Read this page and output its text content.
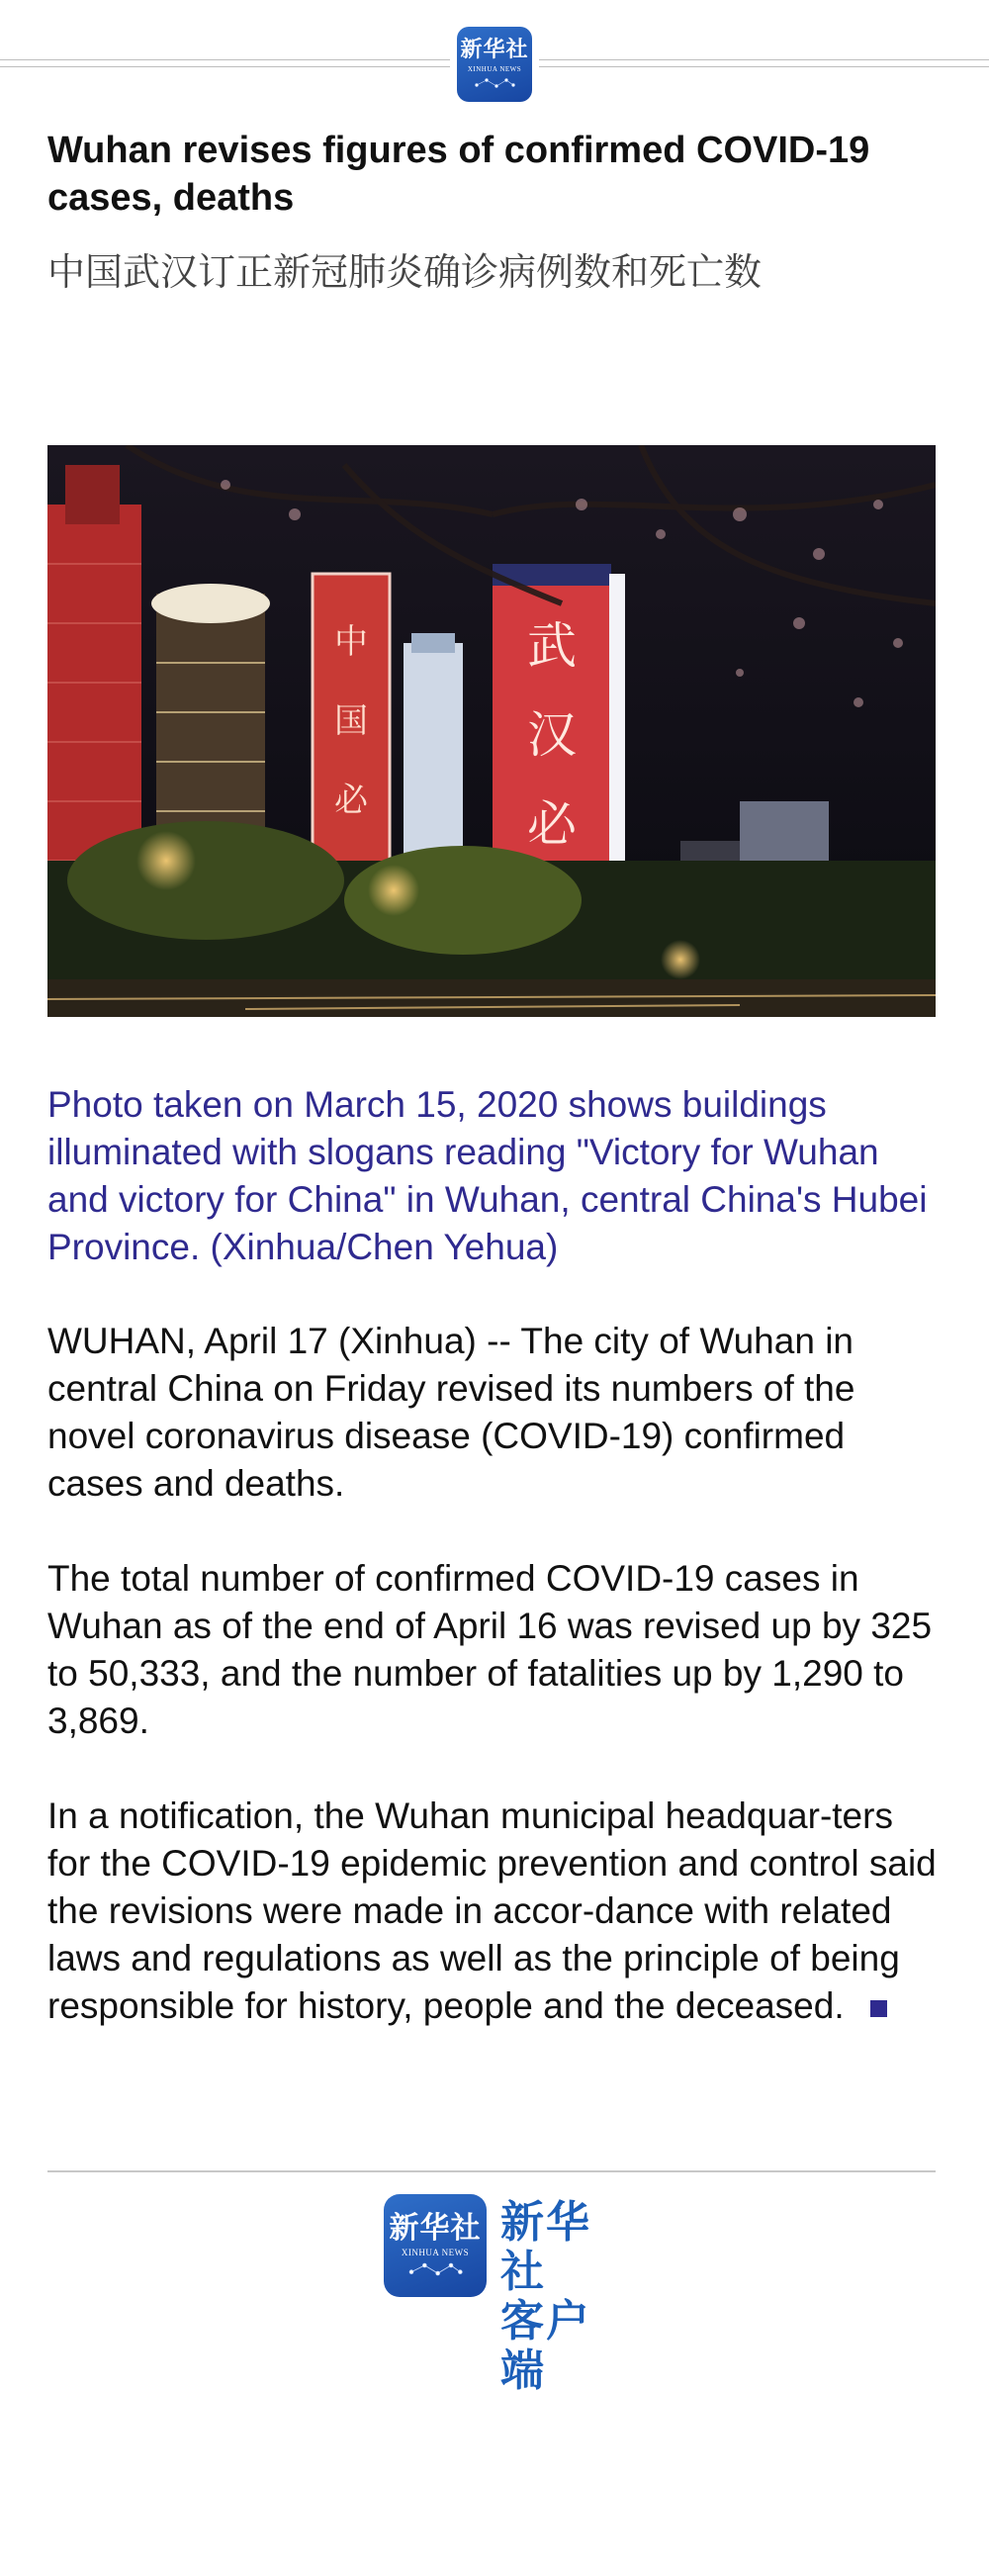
新华社
XINHUA NEWS
Wuhan revises figures of confirmed COVID-19 cases, deaths

中国武汉订正新冠肺炎确诊病例数和死亡数

中
国
必
武
汉
必

Photo taken on March 15, 2020 shows buildings illuminated with slogans reading "Victory for Wuhan and victory for China" in Wuhan, central China's Hubei Province. (Xinhua/Chen Yehua)

WUHAN, April 17 (Xinhua) -- The city of Wuhan in central China on Friday revised its numbers of the novel coronavirus disease (COVID-19) confirmed cases and deaths.

The total number of confirmed COVID-19 cases in Wuhan as of the end of April 16 was revised up by 325 to 50,333, and the number of fatalities up by 1,290 to 3,869.

In a notification, the Wuhan municipal headquar-ters for the COVID-19 epidemic prevention and control said the revisions were made in accor-dance with related laws and regulations as well as the principle of being responsible for history, people and the deceased.

新华社
XINHUA NEWS
新华社
客户端
